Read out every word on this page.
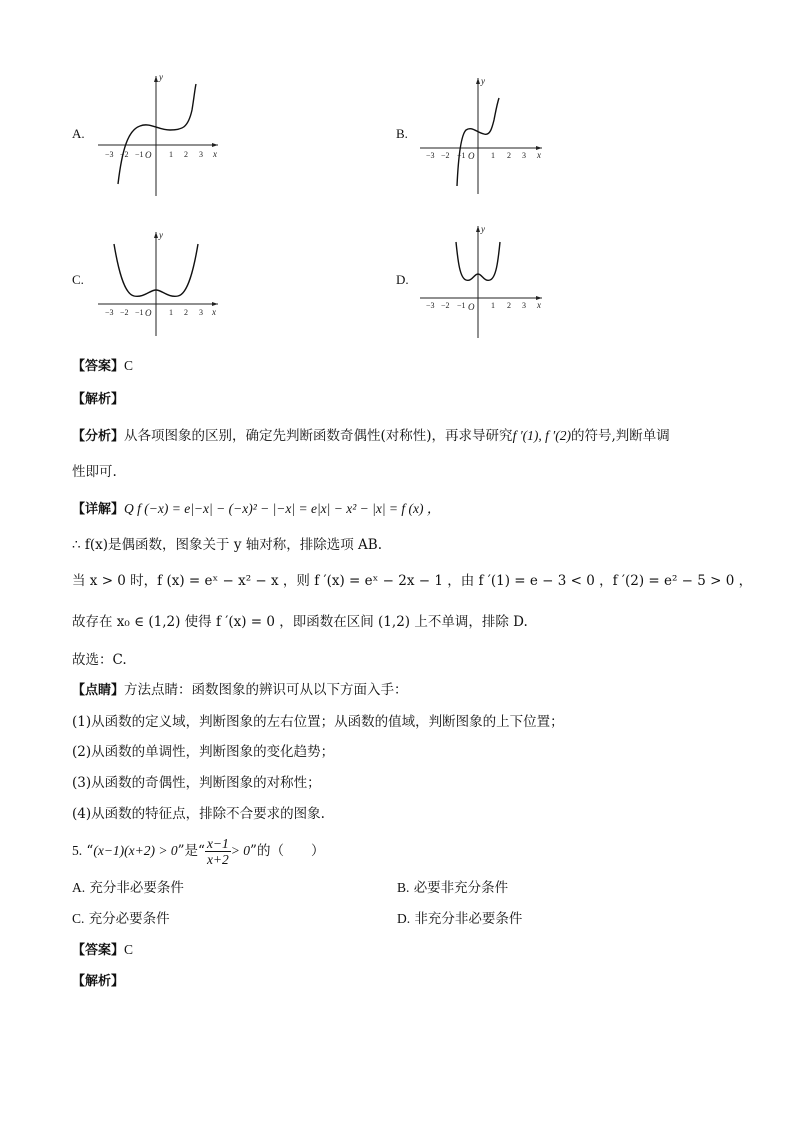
A.
y
x
O
−3 −2 −1	1 2 3
B.
y
x
O
−3 −2 −1	1 2 3
C.
y
x
O
−3 −2 −1	1 2 3
D.
y
x
O
−3 −2 −1	1 2 3
【答案】C
【解析】
【分析】从各项图象的区别，确定先判断函数奇偶性(对称性)，再求导研究f ′(1), f ′(2)的符号,判断单调
性即可.
【详解】Q f (−x) = e|−x| − (−x)² − |−x| = e|x| − x² − |x| = f (x) ，
∴ f(x)是偶函数，图象关于 y 轴对称，排除选项 AB.
当 x > 0 时，f (x) = eˣ − x² − x ，则 f ′(x) = eˣ − 2x − 1 ，由 f ′(1) = e − 3 < 0 ，f ′(2) = e² − 5 > 0 ，
故存在 x₀ ∈ (1,2) 使得 f ′(x) = 0 ，即函数在区间 (1,2) 上不单调，排除 D.
故选：C.
【点睛】方法点睛：函数图象的辨识可从以下方面入手：
(1)从函数的定义域，判断图象的左右位置；从函数的值域，判断图象的上下位置；
(2)从函数的单调性，判断图象的变化趋势；
(3)从函数的奇偶性，判断图象的对称性；
(4)从函数的特征点，排除不合要求的图象.
5. “(x−1)(x+2) > 0”是“ $\frac{x-1}{x+2} > 0$”的（　　）
A. 充分非必要条件	B. 必要非充分条件
C. 充分必要条件	D. 非充分非必要条件
【答案】C
【解析】
